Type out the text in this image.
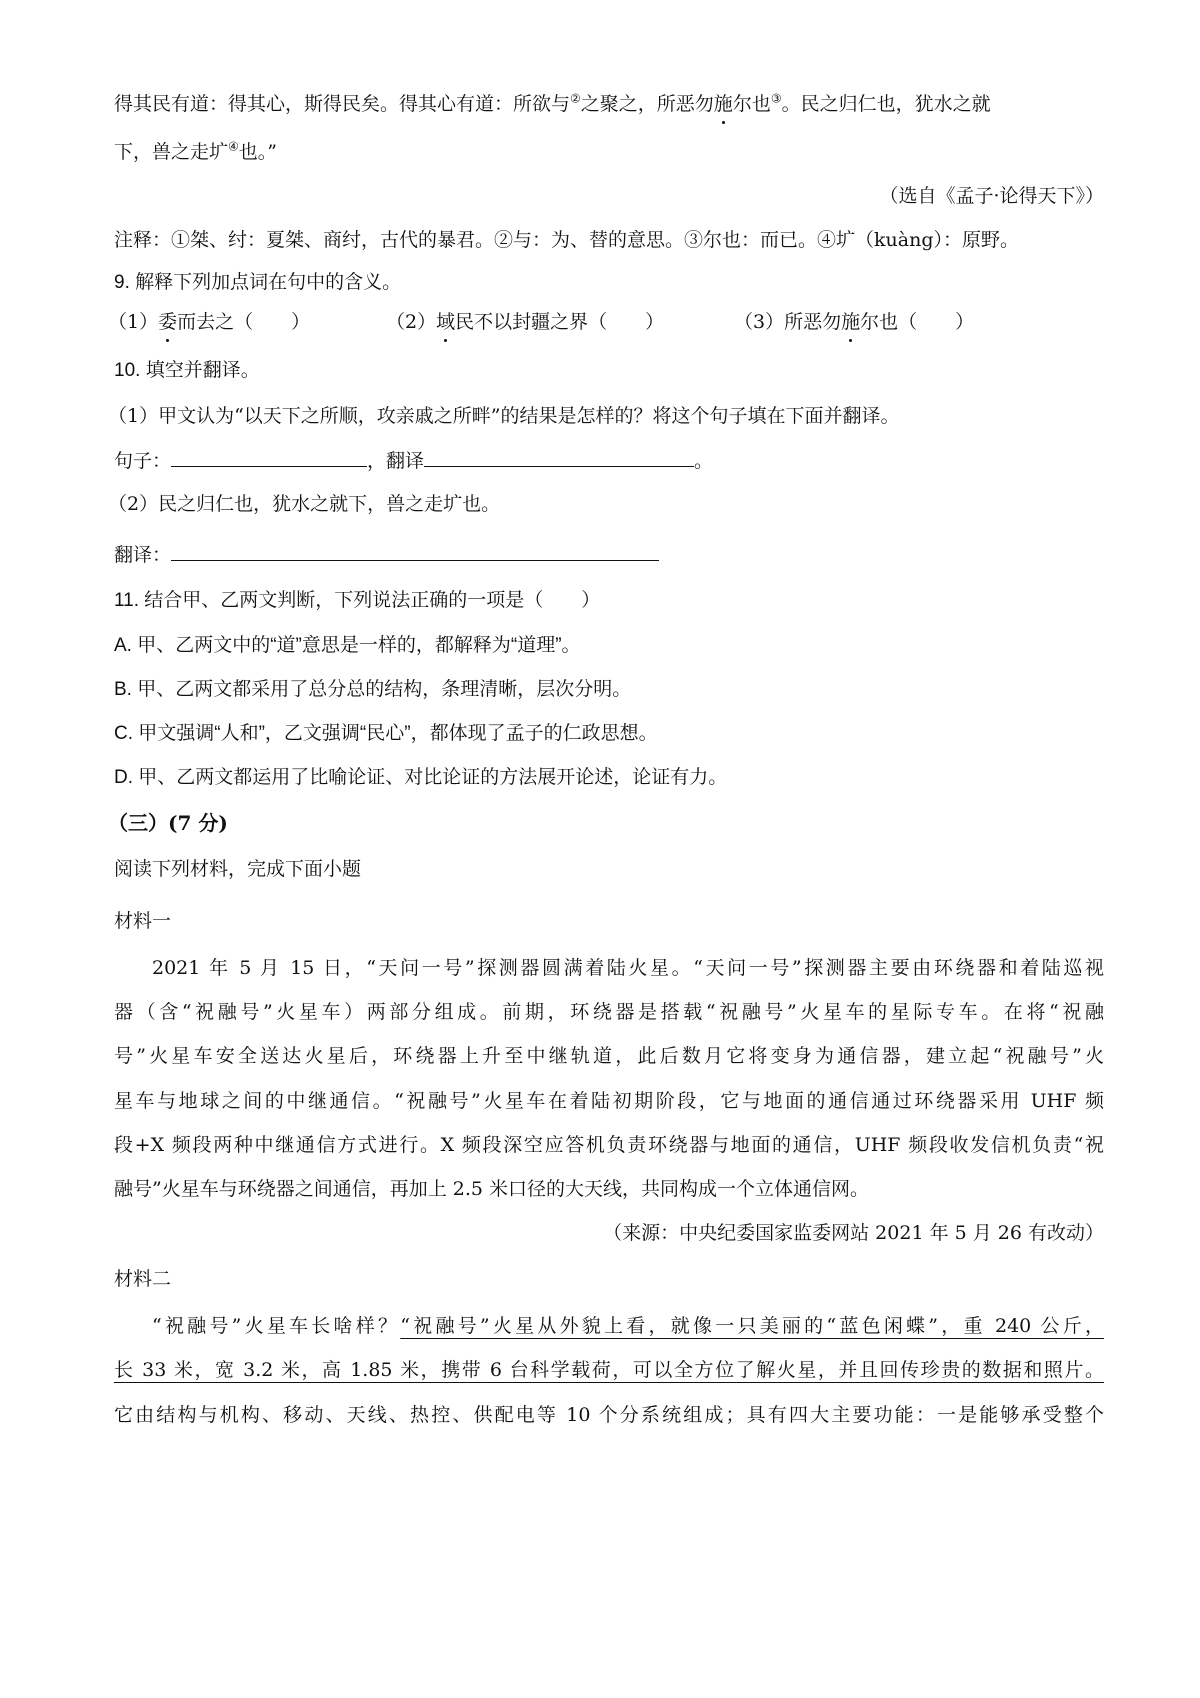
得其民有道：得其心，斯得民矣。得其心有道：所欲与②之聚之，所恶勿施尔也③。民之归仁也，犹水之就
下，兽之走圹④也。”
（选自《孟子·论得天下》）
注释：①桀、纣：夏桀、商纣，古代的暴君。②与：为、替的意思。③尔也：而已。④圹（kuàng）：原野。
9. 解释下列加点词在句中的含义。
（1）委而去之（　　）	（2）域民不以封疆之界（　　）	（3）所恶勿施尔也（　　）
10. 填空并翻译。
（1）甲文认为“以天下之所顺，攻亲戚之所畔”的结果是怎样的？将这个句子填在下面并翻译。
句子：	，翻译	。
（2）民之归仁也，犹水之就下，兽之走圹也。
翻译：
11. 结合甲、乙两文判断，下列说法正确的一项是（　　）
A. 甲、乙两文中的“道”意思是一样的，都解释为“道理”。
B. 甲、乙两文都采用了总分总的结构，条理清晰，层次分明。
C. 甲文强调“人和”，乙文强调“民心”，都体现了孟子的仁政思想。
D. 甲、乙两文都运用了比喻论证、对比论证的方法展开论述，论证有力。
（三）(7 分)
阅读下列材料，完成下面小题
材料一
2021 年 5 月 15 日，“天问一号”探测器圆满着陆火星。“天问一号”探测器主要由环绕器和着陆巡视
器（含“祝融号”火星车）两部分组成。前期，环绕器是搭载“祝融号”火星车的星际专车。在将“祝融
号”火星车安全送达火星后，环绕器上升至中继轨道，此后数月它将变身为通信器，建立起“祝融号”火
星车与地球之间的中继通信。“祝融号”火星车在着陆初期阶段，它与地面的通信通过环绕器采用 UHF 频
段+X 频段两种中继通信方式进行。X 频段深空应答机负责环绕器与地面的通信，UHF 频段收发信机负责“祝
融号”火星车与环绕器之间通信，再加上 2.5 米口径的大天线，共同构成一个立体通信网。
（来源：中央纪委国家监委网站 2021 年 5 月 26 有改动）
材料二
“祝融号”火星车长啥样？“祝融号”火星从外貌上看，就像一只美丽的“蓝色闲蝶”，重 240 公斤，
长 33 米，宽 3.2 米，高 1.85 米，携带 6 台科学载荷，可以全方位了解火星，并且回传珍贵的数据和照片。
它由结构与机构、移动、天线、热控、供配电等 10 个分系统组成；具有四大主要功能：一是能够承受整个
